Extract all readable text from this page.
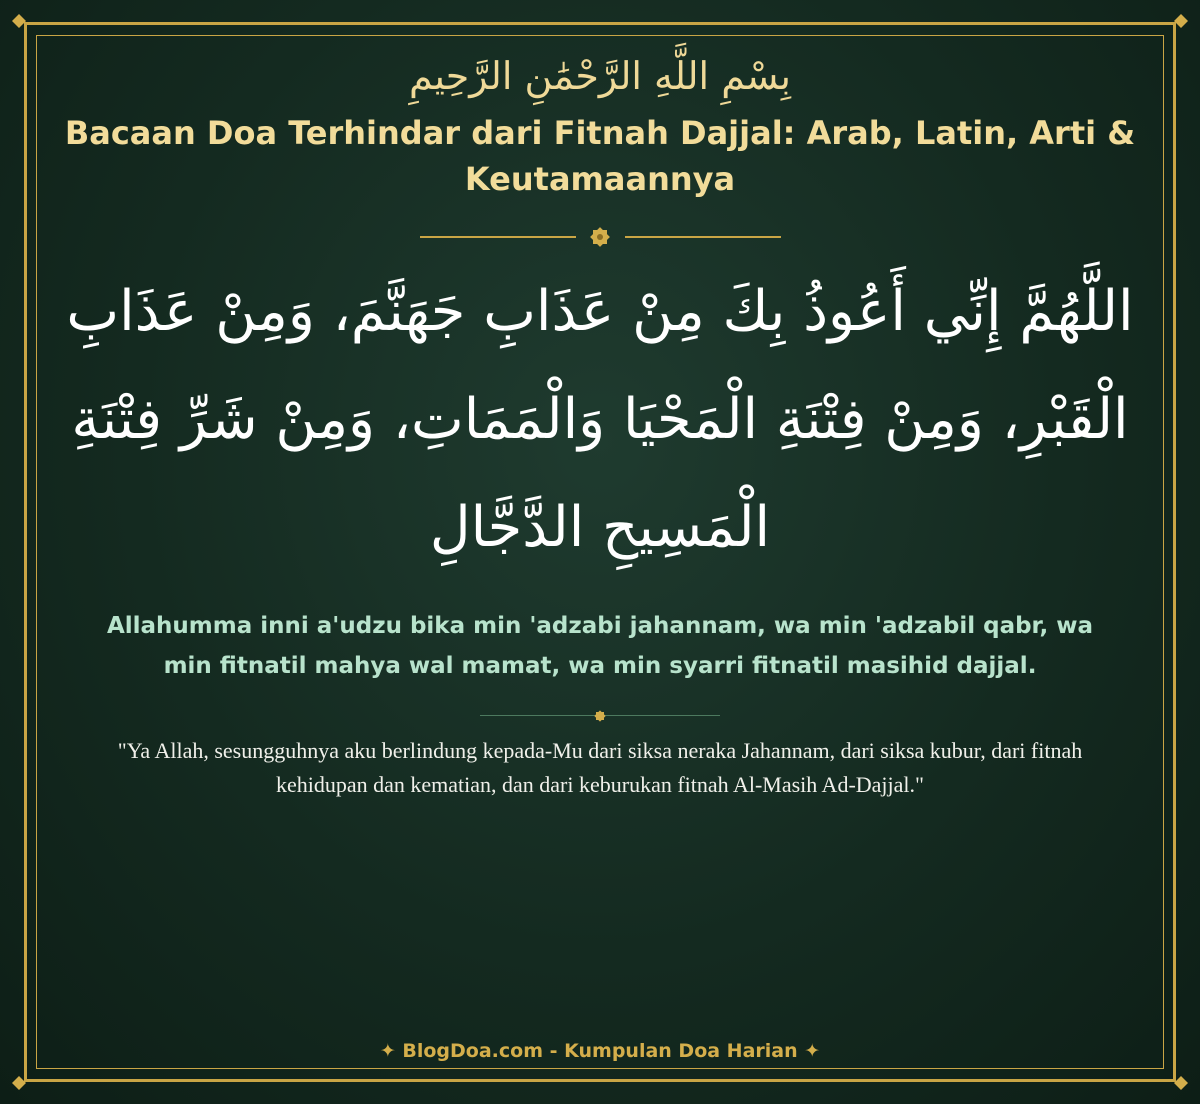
بِسْمِ اللَّهِ الرَّحْمَٰنِ الرَّحِيمِ
Bacaan Doa Terhindar dari Fitnah Dajjal: Arab, Latin, Arti & Keutamaannya
اللَّهُمَّ إِنِّي أَعُوذُ بِكَ مِنْ عَذَابِ جَهَنَّمَ، وَمِنْ عَذَابِ الْقَبْرِ، وَمِنْ فِتْنَةِ الْمَحْيَا وَالْمَمَاتِ، وَمِنْ شَرِّ فِتْنَةِ الْمَسِيحِ الدَّجَّالِ
Allahumma inni a'udzu bika min 'adzabi jahannam, wa min 'adzabil qabr, wa min fitnatil mahya wal mamat, wa min syarri fitnatil masihid dajjal.
"Ya Allah, sesungguhnya aku berlindung kepada-Mu dari siksa neraka Jahannam, dari siksa kubur, dari fitnah kehidupan dan kematian, dan dari keburukan fitnah Al-Masih Ad-Dajjal."
✦ BlogDoa.com - Kumpulan Doa Harian ✦
